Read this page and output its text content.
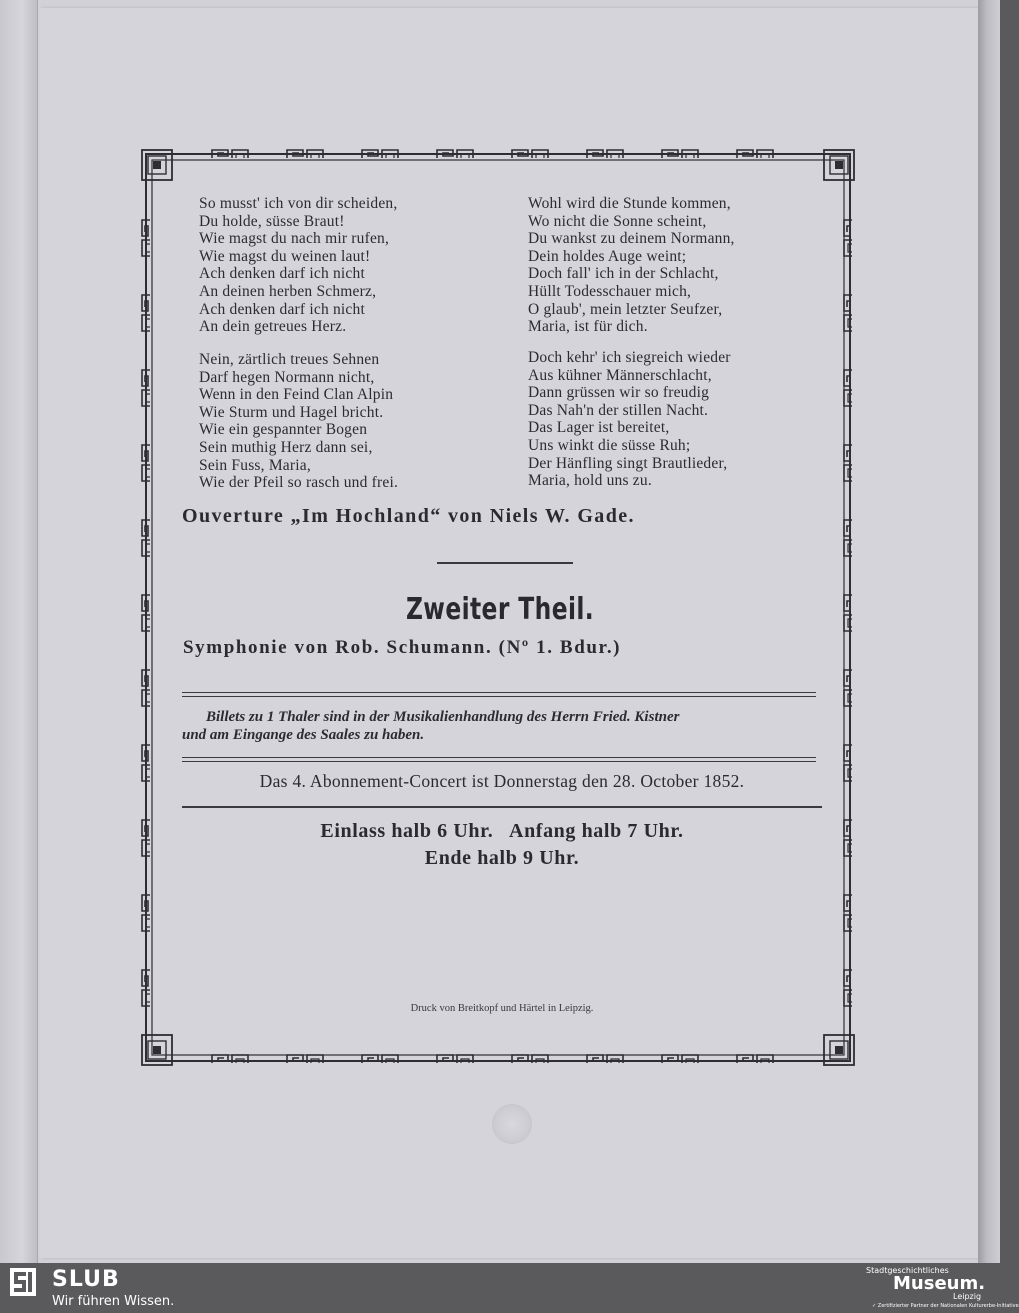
So musst' ich von dir scheiden,
Du holde, süsse Braut!
Wie magst du nach mir rufen,
Wie magst du weinen laut!
Ach denken darf ich nicht
An deinen herben Schmerz,
Ach denken darf ich nicht
An dein getreues Herz.
Nein, zärtlich treues Sehnen
Darf hegen Normann nicht,
Wenn in den Feind Clan Alpin
Wie Sturm und Hagel bricht.
Wie ein gespannter Bogen
Sein muthig Herz dann sei,
Sein Fuss, Maria,
Wie der Pfeil so rasch und frei.
Wohl wird die Stunde kommen,
Wo nicht die Sonne scheint,
Du wankst zu deinem Normann,
Dein holdes Auge weint;
Doch fall' ich in der Schlacht,
Hüllt Todesschauer mich,
O glaub', mein letzter Seufzer,
Maria, ist für dich.
Doch kehr' ich siegreich wieder
Aus kühner Männerschlacht,
Dann grüssen wir so freudig
Das Nah'n der stillen Nacht.
Das Lager ist bereitet,
Uns winkt die süsse Ruh;
Der Hänfling singt Brautlieder,
Maria, hold uns zu.
Ouverture „Im Hochland“ von Niels W. Gade.
Zweiter Theil.
Symphonie von Rob. Schumann. (Nº 1. Bdur.)
Billets zu 1 Thaler sind in der Musikalienhandlung des Herrn Fried. Kistner
und am Eingange des Saales zu haben.
Das 4. Abonnement-Concert ist Donnerstag den 28. October 1852.
Einlass halb 6 Uhr.   Anfang halb 7 Uhr.
Ende halb 9 Uhr.
Druck von Breitkopf und Härtel in Leipzig.
SLUB
Wir führen Wissen.
Stadtgeschichtliches
Museum.
Leipzig
✓ Zertifizierter Partner der Nationalen Kulturerbe-Initiative
